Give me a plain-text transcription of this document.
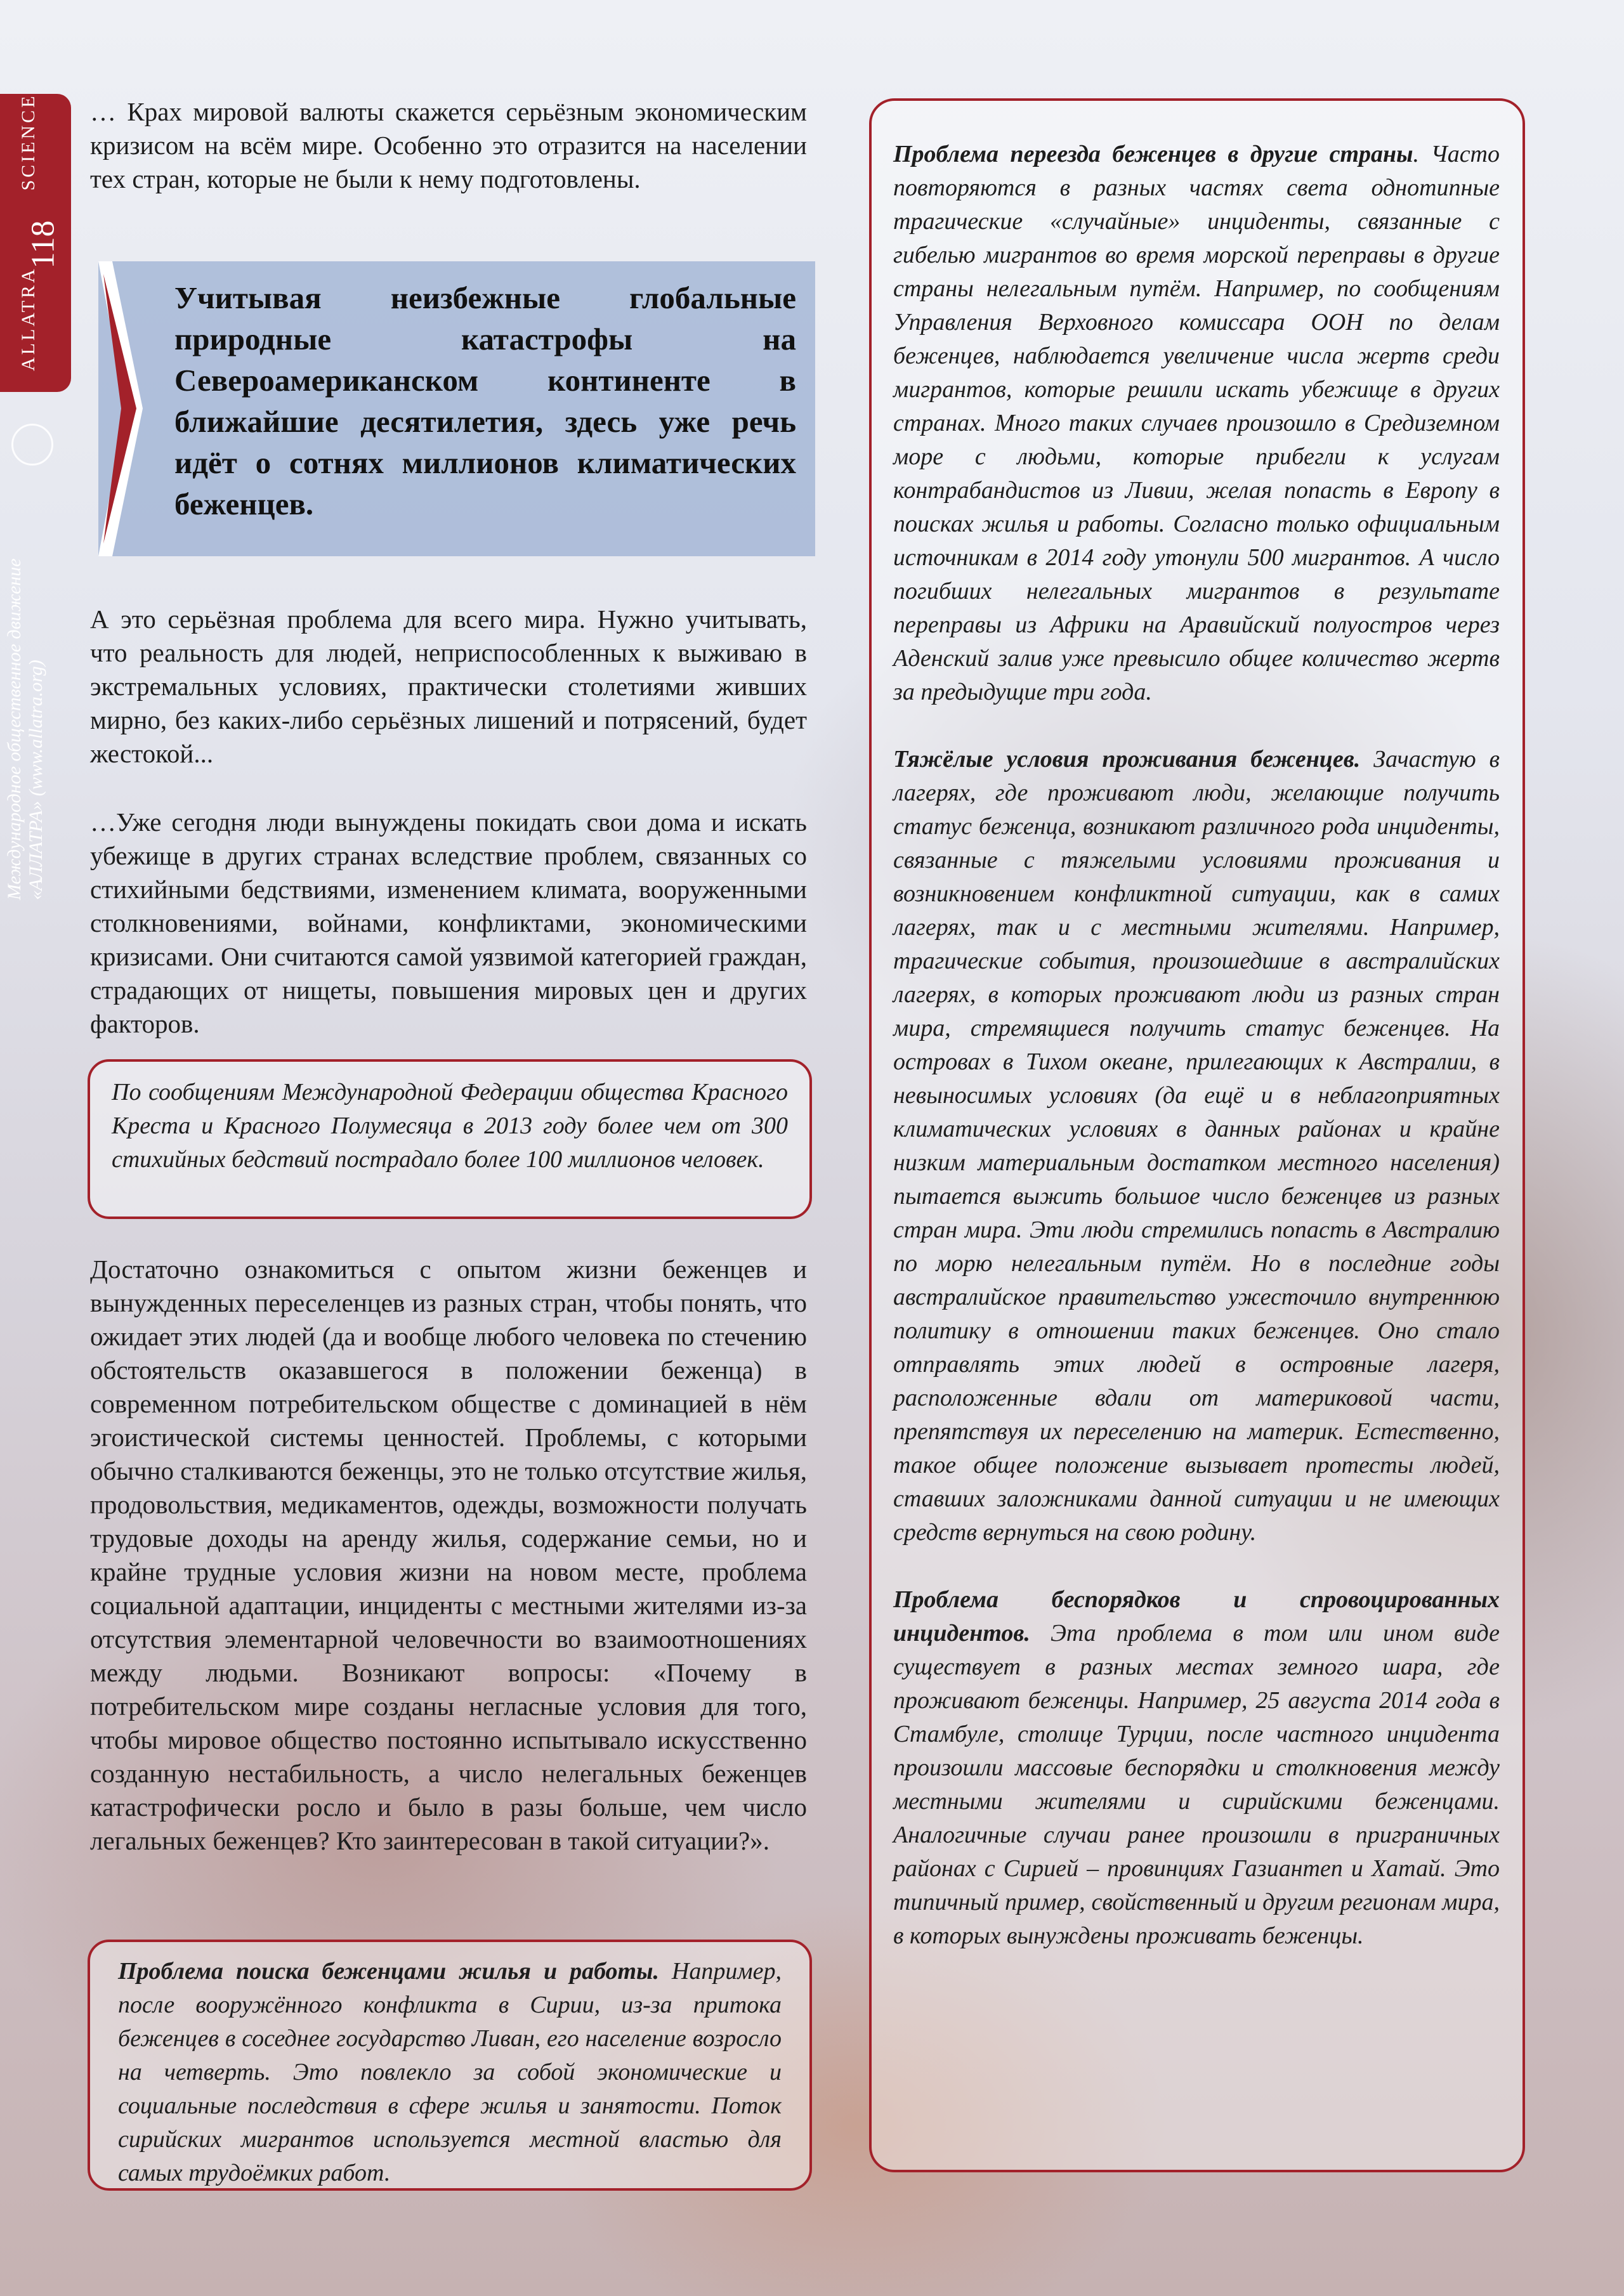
ALLATRA SCIENCE
118
Международное общественное движение «АЛЛАТРА» (www.allatra.org)

… Крах мировой валюты скажется серьёзным экономическим кризисом на всём мире. Особенно это отразится на населении тех стран, которые не были к нему подготовлены.

Учитывая неизбежные глобальные природные катастрофы на Североамериканском континенте в ближайшие десятилетия, здесь уже речь идёт о сотнях миллионов климатических беженцев.

А это серьёзная проблема для всего мира. Нужно учитывать, что реальность для людей, неприспособленных к выживаю в экстремальных условиях, практически столетиями живших мирно, без каких-либо серьёзных лишений и потрясений, будет жестокой...

…Уже сегодня люди вынуждены покидать свои дома и искать убежище в других странах вследствие проблем, связанных со стихийными бедствиями, изменением климата, вооруженными столкновениями, войнами, конфликтами, экономическими кризисами. Они считаются самой уязвимой категорией граждан, страдающих от нищеты, повышения мировых цен и других факторов.

По сообщениям Международной Федерации общества Красного Креста и Красного Полумесяца в 2013 году более чем от 300 стихийных бедствий пострадало более 100 миллионов человек.

Достаточно ознакомиться с опытом жизни беженцев и вынужденных переселенцев из разных стран, чтобы понять, что ожидает этих людей (да и вообще любого человека по стечению обстоятельств оказавшегося в положении беженца) в современном потребительском обществе с доминацией в нём эгоистической системы ценностей. Проблемы, с которыми обычно сталкиваются беженцы, это не только отсутствие жилья, продовольствия, медикаментов, одежды, возможности получать трудовые доходы на аренду жилья, содержание семьи, но и крайне трудные условия жизни на новом месте, проблема социальной адаптации, инциденты с местными жителями из-за отсутствия элементарной человечности во взаимоотношениях между людьми. Возникают вопросы: «Почему в потребительском мире созданы негласные условия для того, чтобы мировое общество постоянно испытывало искусственно созданную нестабильность, а число нелегальных беженцев катастрофически росло и было в разы больше, чем число легальных беженцев? Кто заинтересован в такой ситуации?».

Проблема поиска беженцами жилья и работы. Например, после вооружённого конфликта в Сирии, из-за притока беженцев в соседнее государство Ливан, его население возросло на четверть. Это повлекло за собой экономические и социальные последствия в сфере жилья и занятости. Поток сирийских мигрантов используется местной властью для самых трудоёмких работ.

Проблема переезда беженцев в другие страны. Часто повторяются в разных частях света однотипные трагические «случайные» инциденты, связанные с гибелью мигрантов во время морской переправы в другие страны нелегальным путём. Например, по сообщениям Управления Верховного комиссара ООН по делам беженцев, наблюдается увеличение числа жертв среди мигрантов, которые решили искать убежище в других странах. Много таких случаев произошло в Средиземном море с людьми, которые прибегли к услугам контрабандистов из Ливии, желая попасть в Европу в поисках жилья и работы. Согласно только официальным источникам в 2014 году утонули 500 мигрантов. А число погибших нелегальных мигрантов в результате переправы из Африки на Аравийский полуостров через Аденский залив уже превысило общее количество жертв за предыдущие три года.

Тяжёлые условия проживания беженцев. Зачастую в лагерях, где проживают люди, желающие получить статус беженца, возникают различного рода инциденты, связанные с тяжелыми условиями проживания и возникновением конфликтной ситуации, как в самих лагерях, так и с местными жителями. Например, трагические события, произошедшие в австралийских лагерях, в которых проживают люди из разных стран мира, стремящиеся получить статус беженцев. На островах в Тихом океане, прилегающих к Австралии, в невыносимых условиях (да ещё и в неблагоприятных климатических условиях в данных районах и крайне низким материальным достатком местного населения) пытается выжить большое число беженцев из разных стран мира. Эти люди стремились попасть в Австралию по морю нелегальным путём. Но в последние годы австралийское правительство ужесточило внутреннюю политику в отношении таких беженцев. Оно стало отправлять этих людей в островные лагеря, расположенные вдали от материковой части, препятствуя их переселению на материк. Естественно, такое общее положение вызывает протесты людей, ставших заложниками данной ситуации и не имеющих средств вернуться на свою родину.

Проблема беспорядков и спровоцированных инцидентов. Эта проблема в том или ином виде существует в разных местах земного шара, где проживают беженцы. Например, 25 августа 2014 года в Стамбуле, столице Турции, после частного инцидента произошли массовые беспорядки и столкновения между местными жителями и сирийскими беженцами. Аналогичные случаи ранее произошли в приграничных районах с Сирией – провинциях Газиантеп и Хатай. Это типичный пример, свойственный и другим регионам мира, в которых вынуждены проживать беженцы.
